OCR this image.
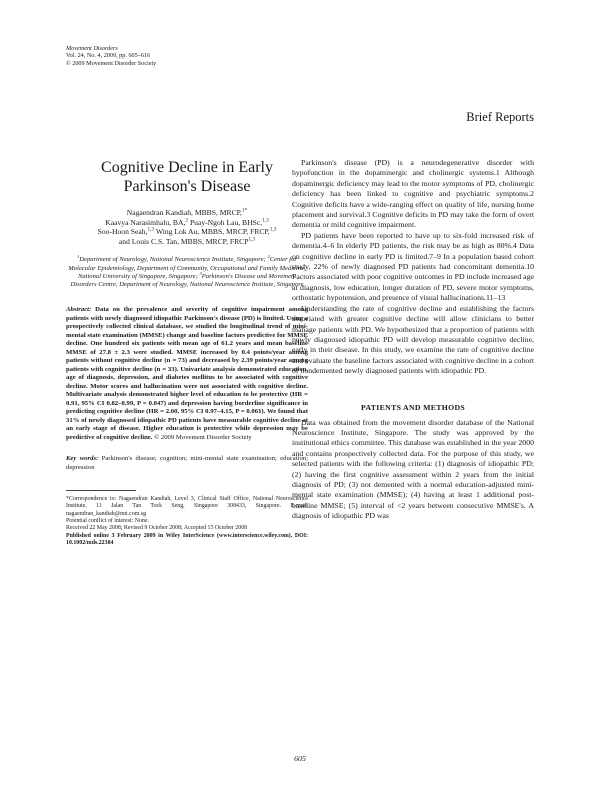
Movement Disorders
Vol. 24, No. 4, 2009, pp. 605–616
© 2009 Movement Disorder Society
Brief Reports
Cognitive Decline in Early Parkinson's Disease
Nagaendran Kandiah, MBBS, MRCP,$^{1*}$
Kaavya Narasimhalu, BA,$^2$ Puay-Ngoh Lau, BHSc,$^{1,3}$
Soo-Hoon Seah,$^{1,3}$ Wing Lok Au, MBBS, MRCP, FRCP,$^{1,3}$
and Louis C.S. Tan, MBBS, MRCP, FRCP$^{1,3}$
$^1$Department of Neurology, National Neuroscience Institute, Singapore; $^2$Center for Molecular Epidemiology, Department of Community, Occupational and Family Medicine, National University of Singapore, Singapore; $^3$Parkinson's Disease and Movement Disorders Centre, Department of Neurology, National Neuroscience Institute, Singapore
Abstract: Data on the prevalence and severity of cognitive impairment among patients with newly diagnosed idiopathic Parkinson's disease (PD) is limited. Using a prospectively collected clinical database, we studied the longitudinal trend of mini-mental state examination (MMSE) change and baseline factors predictive for MMSE decline. One hundred six patients with mean age of 61.2 years and mean baseline MMSE of 27.8 ± 2.3 were studied. MMSE increased by 0.4 points/year among patients without cognitive decline (n = 73) and decreased by 2.39 points/year among patients with cognitive decline (n = 33). Univariate analysis demonstrated education, age of diagnosis, depression, and diabetes mellitus to be associated with cognitive decline. Motor scores and hallucination were not associated with cognitive decline. Multivariate analysis demonstrated higher level of education to be protective (HR = 0.91, 95% CI 0.82–0.99, P = 0.047) and depression having borderline significance in predicting cognitive decline (HR = 2.00, 95% CI 0.97–4.15, P = 0.061). We found that 31% of newly diagnosed idiopathic PD patients have measurable cognitive decline at an early stage of disease. Higher education is protective while depression may be predictive of cognitive decline. © 2009 Movement Disorder Society
Key words: Parkinson's disease; cognition; mini-mental state examination; education; depression

*Correspondence to: Nagaendran Kandiah, Level 3, Clinical Staff Office, National Neuroscience Institute, 11 Jalan Tan Tock Seng, Singapore 308433, Singapore. E-mail: nagaendran_kandiah@nni.com.sg

Potential conflict of interest: None.

Received 22 May 2008; Revised 9 October 2008; Accepted 15 October 2008

Published online 3 February 2009 in Wiley InterScience (www.interscience.wiley.com). DOI: 10.1002/mds.22384

Parkinson's disease (PD) is a neurodegenerative disorder with hypofunction in the dopaminergic and cholinergic systems.1 Although dopaminergic deficiency may lead to the motor symptoms of PD, cholinergic deficiency has been linked to cognitive and psychiatric symptoms.2 Cognitive deficits have a wide-ranging effect on quality of life, nursing home placement and survival.3 Cognitive deficits in PD may take the form of overt dementia or mild cognitive impairment.

PD patients have been reported to have up to six-fold increased risk of dementia.4–6 In elderly PD patients, the risk may be as high as 80%.4 Data on cognitive decline in early PD is limited.7–9 In a population based cohort study, 22% of newly diagnosed PD patients had concomitant dementia.10 Factors associated with poor cognitive outcomes in PD include increased age at diagnosis, low education, longer duration of PD, severe motor symptoms, orthostatic hypotension, and presence of visual hallucinations.11–13

Understanding the rate of cognitive decline and establishing the factors associated with greater cognitive decline will allow clinicians to better manage patients with PD. We hypothesized that a proportion of patients with newly diagnosed idiopathic PD will develop measurable cognitive decline, early in their disease. In this study, we examine the rate of cognitive decline and evaluate the baseline factors associated with cognitive decline in a cohort of nondemented newly diagnosed patients with idiopathic PD.

PATIENTS AND METHODS

Data was obtained from the movement disorder database of the National Neuroscience Institute, Singapore. The study was approved by the institutional ethics committee. This database was established in the year 2000 and contains prospectively collected data. For the purpose of this study, we selected patients with the following criteria: (1) diagnosis of idiopathic PD; (2) having the first cognitive assessment within 2 years from the initial diagnosis of PD; (3) not demented with a normal education-adjusted mini-mental state examination (MMSE); (4) having at least 1 additional post-baseline MMSE; (5) interval of <2 years between consecutive MMSE's. A diagnosis of idiopathic PD was

605
